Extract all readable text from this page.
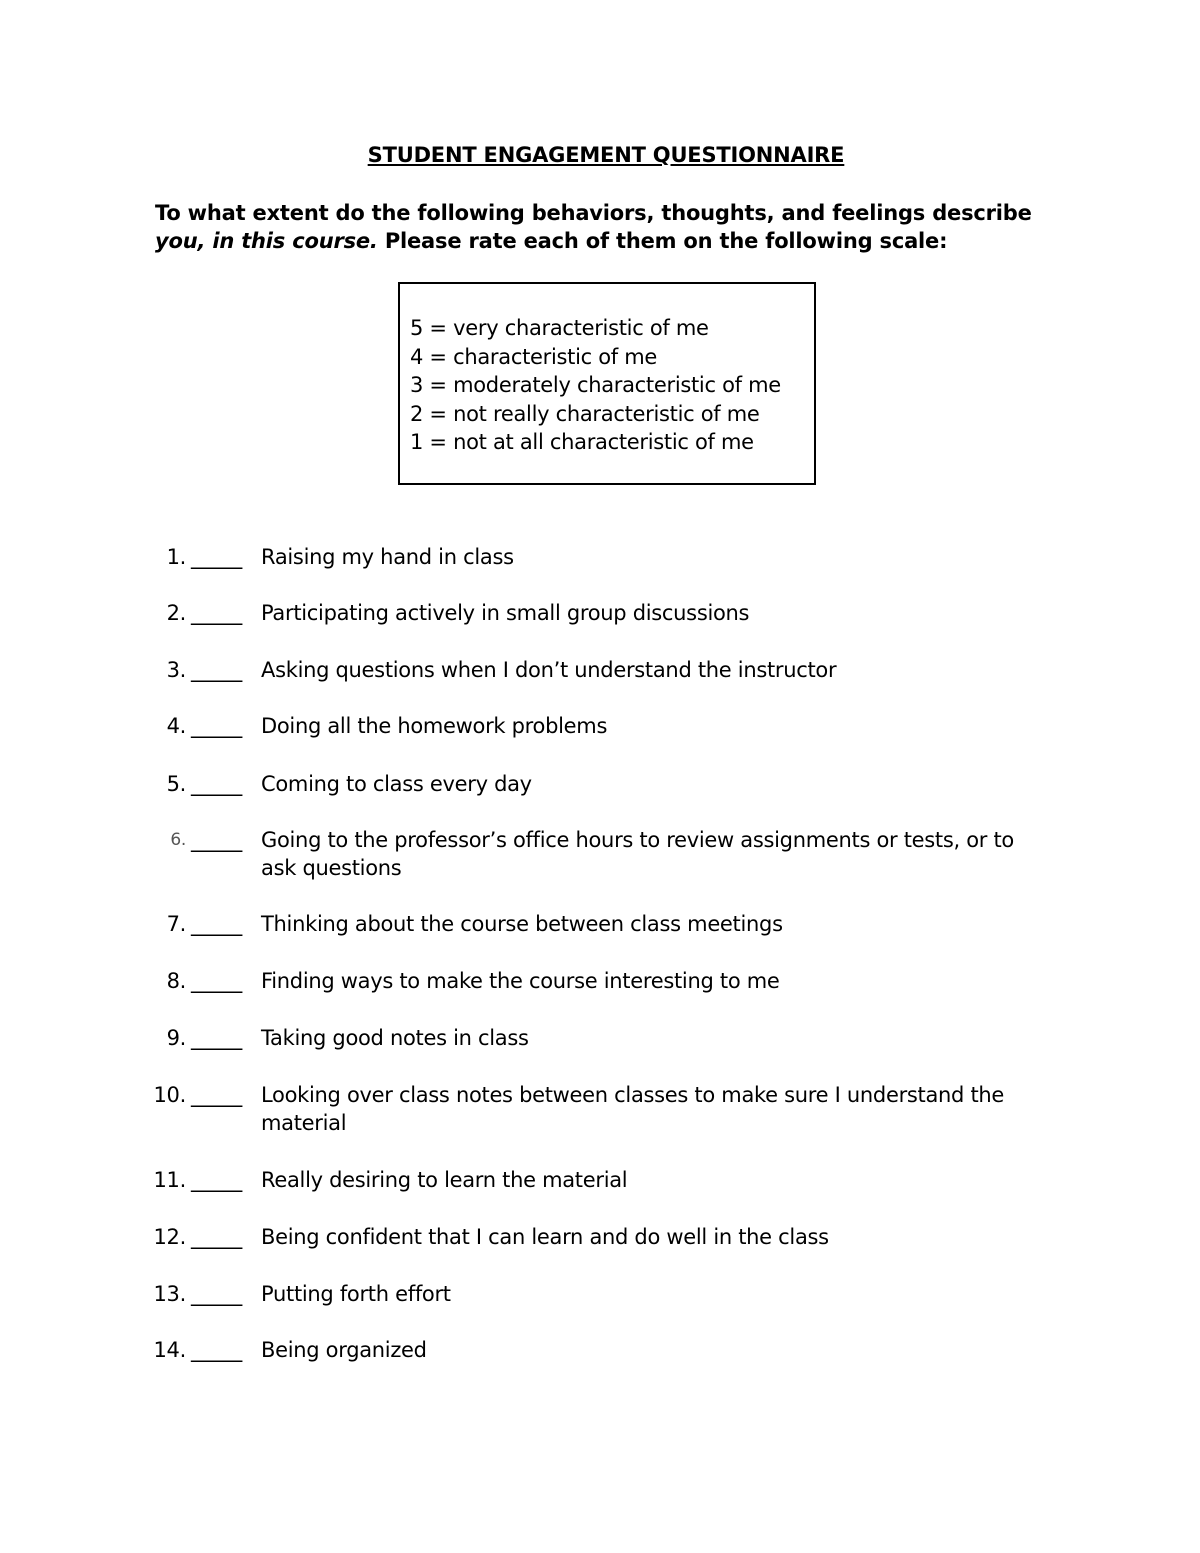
STUDENT ENGAGEMENT QUESTIONNAIRE
To what extent do the following behaviors, thoughts, and feelings describe you, in this course. Please rate each of them on the following scale:
5 = very characteristic of me
4 = characteristic of me
3 = moderately characteristic of me
2 = not really characteristic of me
1 = not at all characteristic of me
1. _____ Raising my hand in class
2. _____ Participating actively in small group discussions
3. _____ Asking questions when I don’t understand the instructor
4. _____ Doing all the homework problems
5. _____ Coming to class every day
6. _____ Going to the professor’s office hours to review assignments or tests, or to ask questions
7. _____ Thinking about the course between class meetings
8. _____ Finding ways to make the course interesting to me
9. _____ Taking good notes in class
10. _____ Looking over class notes between classes to make sure I understand the material
11. _____ Really desiring to learn the material
12. _____ Being confident that I can learn and do well in the class
13. _____ Putting forth effort
14. _____ Being organized
